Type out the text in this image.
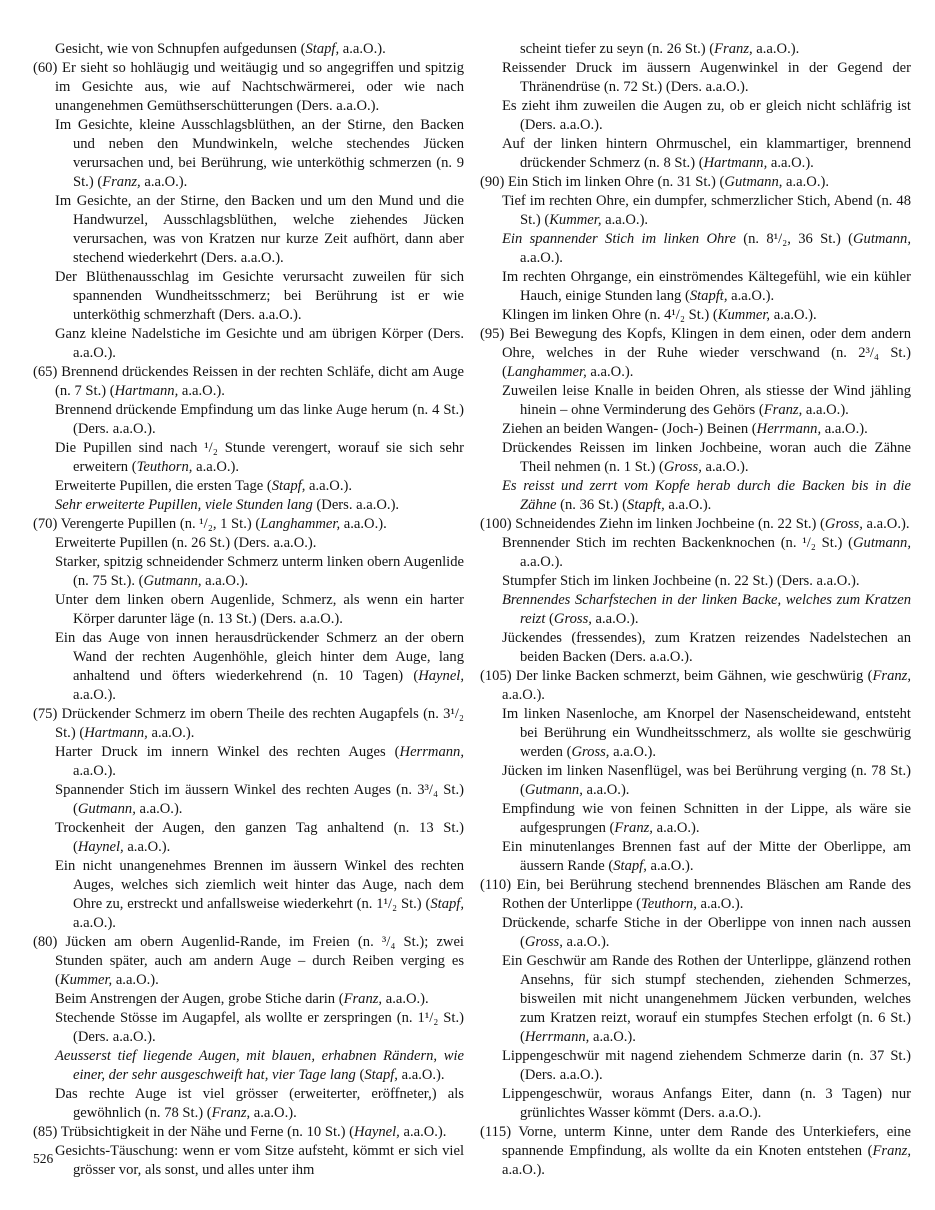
Gesicht, wie von Schnupfen aufgedunsen (Stapf, a.a.O.).

(60) Er sieht so hohläugig und weitäugig und so angegriffen und spitzig im Gesichte aus, wie auf Nachtschwärmerei, oder wie nach unangenehmen Gemüthserschütterungen (Ders. a.a.O.).

Im Gesichte, kleine Ausschlagsblüthen, an der Stirne, den Backen und neben den Mundwinkeln, welche stechendes Jücken verursachen und, bei Berührung, wie unterköthig schmerzen (n. 9 St.) (Franz, a.a.O.).

Im Gesichte, an der Stirne, den Backen und um den Mund und die Handwurzel, Ausschlagsblüthen, welche ziehendes Jücken verursachen, was von Kratzen nur kurze Zeit aufhört, dann aber stechend wiederkehrt (Ders. a.a.O.).

Der Blüthenausschlag im Gesichte verursacht zuweilen für sich spannenden Wundheitsschmerz; bei Berührung ist er wie unterköthig schmerzhaft (Ders. a.a.O.).

Ganz kleine Nadelstiche im Gesichte und am übrigen Körper (Ders. a.a.O.).

(65) Brennend drückendes Reissen in der rechten Schläfe, dicht am Auge (n. 7 St.) (Hartmann, a.a.O.).

Brennend drückende Empfindung um das linke Auge herum (n. 4 St.) (Ders. a.a.O.).

Die Pupillen sind nach ¹/₂ Stunde verengert, worauf sie sich sehr erweitern (Teuthorn, a.a.O.).

Erweiterte Pupillen, die ersten Tage (Stapf, a.a.O.).

Sehr erweiterte Pupillen, viele Stunden lang (Ders. a.a.O.).

(70) Verengerte Pupillen (n. ¹/₂, 1 St.) (Langhammer, a.a.O.).

Erweiterte Pupillen (n. 26 St.) (Ders. a.a.O.).

Starker, spitzig schneidender Schmerz unterm linken obern Augenlide (n. 75 St.). (Gutmann, a.a.O.).

Unter dem linken obern Augenlide, Schmerz, als wenn ein harter Körper darunter läge (n. 13 St.) (Ders. a.a.O.).

Ein das Auge von innen herausdrückender Schmerz an der obern Wand der rechten Augenhöhle, gleich hinter dem Auge, lang anhaltend und öfters wiederkehrend (n. 10 Tagen) (Haynel, a.a.O.).

(75) Drückender Schmerz im obern Theile des rechten Augapfels (n. 3¹/₂ St.) (Hartmann, a.a.O.).

Harter Druck im innern Winkel des rechten Auges (Herrmann, a.a.O.).

Spannender Stich im äussern Winkel des rechten Auges (n. 3³/₄ St.) (Gutmann, a.a.O.).

Trockenheit der Augen, den ganzen Tag anhaltend (n. 13 St.) (Haynel, a.a.O.).

Ein nicht unangenehmes Brennen im äussern Winkel des rechten Auges, welches sich ziemlich weit hinter das Auge, nach dem Ohre zu, erstreckt und anfallsweise wiederkehrt (n. 1¹/₂ St.) (Stapf, a.a.O.).

(80) Jücken am obern Augenlid-Rande, im Freien (n. ³/₄ St.); zwei Stunden später, auch am andern Auge – durch Reiben verging es (Kummer, a.a.O.).

Beim Anstrengen der Augen, grobe Stiche darin (Franz, a.a.O.).

Stechende Stösse im Augapfel, als wollte er zerspringen (n. 1¹/₂ St.) (Ders. a.a.O.).

Aeusserst tief liegende Augen, mit blauen, erhabnen Rändern, wie einer, der sehr ausgeschweift hat, vier Tage lang (Stapf, a.a.O.).

Das rechte Auge ist viel grösser (erweiterter, eröffneter,) als gewöhnlich (n. 78 St.) (Franz, a.a.O.).

(85) Trübsichtigkeit in der Nähe und Ferne (n. 10 St.) (Haynel, a.a.O.).

Gesichts-Täuschung: wenn er vom Sitze aufsteht, kömmt er sich viel grösser vor, als sonst, und alles unter ihm

scheint tiefer zu seyn (n. 26 St.) (Franz, a.a.O.).

Reissender Druck im äussern Augenwinkel in der Gegend der Thränendrüse (n. 72 St.) (Ders. a.a.O.).

Es zieht ihm zuweilen die Augen zu, ob er gleich nicht schläfrig ist (Ders. a.a.O.).

Auf der linken hintern Ohrmuschel, ein klammartiger, brennend drückender Schmerz (n. 8 St.) (Hartmann, a.a.O.).

(90) Ein Stich im linken Ohre (n. 31 St.) (Gutmann, a.a.O.).

Tief im rechten Ohre, ein dumpfer, schmerzlicher Stich, Abend (n. 48 St.) (Kummer, a.a.O.).

Ein spannender Stich im linken Ohre (n. 8¹/₂, 36 St.) (Gutmann, a.a.O.).

Im rechten Ohrgange, ein einströmendes Kältegefühl, wie ein kühler Hauch, einige Stunden lang (Stapft, a.a.O.).

Klingen im linken Ohre (n. 4¹/₂ St.) (Kummer, a.a.O.).

(95) Bei Bewegung des Kopfs, Klingen in dem einen, oder dem andern Ohre, welches in der Ruhe wieder verschwand (n. 2³/₄ St.) (Langhammer, a.a.O.).

Zuweilen leise Knalle in beiden Ohren, als stiesse der Wind jähling hinein – ohne Verminderung des Gehörs (Franz, a.a.O.).

Ziehen an beiden Wangen- (Joch-) Beinen (Herrmann, a.a.O.).

Drückendes Reissen im linken Jochbeine, woran auch die Zähne Theil nehmen (n. 1 St.) (Gross, a.a.O.).

Es reisst und zerrt vom Kopfe herab durch die Backen bis in die Zähne (n. 36 St.) (Stapft, a.a.O.).

(100) Schneidendes Ziehn im linken Jochbeine (n. 22 St.) (Gross, a.a.O.).

Brennender Stich im rechten Backenknochen (n. ¹/₂ St.) (Gutmann, a.a.O.).

Stumpfer Stich im linken Jochbeine (n. 22 St.) (Ders. a.a.O.).

Brennendes Scharfstechen in der linken Backe, welches zum Kratzen reizt (Gross, a.a.O.).

Jückendes (fressendes), zum Kratzen reizendes Nadelstechen an beiden Backen (Ders. a.a.O.).

(105) Der linke Backen schmerzt, beim Gähnen, wie geschwürig (Franz, a.a.O.).

Im linken Nasenloche, am Knorpel der Nasenscheidewand, entsteht bei Berührung ein Wundheitsschmerz, als wollte sie geschwürig werden (Gross, a.a.O.).

Jücken im linken Nasenflügel, was bei Berührung verging (n. 78 St.) (Gutmann, a.a.O.).

Empfindung wie von feinen Schnitten in der Lippe, als wäre sie aufgesprungen (Franz, a.a.O.).

Ein minutenlanges Brennen fast auf der Mitte der Oberlippe, am äussern Rande (Stapf, a.a.O.).

(110) Ein, bei Berührung stechend brennendes Bläschen am Rande des Rothen der Unterlippe (Teuthorn, a.a.O.).

Drückende, scharfe Stiche in der Oberlippe von innen nach aussen (Gross, a.a.O.).

Ein Geschwür am Rande des Rothen der Unterlippe, glänzend rothen Ansehns, für sich stumpf stechenden, ziehenden Schmerzes, bisweilen mit nicht unangenehmem Jücken verbunden, welches zum Kratzen reizt, worauf ein stumpfes Stechen erfolgt (n. 6 St.) (Herrmann, a.a.O.).

Lippengeschwür mit nagend ziehendem Schmerze darin (n. 37 St.) (Ders. a.a.O.).

Lippengeschwür, woraus Anfangs Eiter, dann (n. 3 Tagen) nur grünlichtes Wasser kömmt (Ders. a.a.O.).

(115) Vorne, unterm Kinne, unter dem Rande des Unterkiefers, eine spannende Empfindung, als wollte da ein Knoten entstehen (Franz, a.a.O.).

526
